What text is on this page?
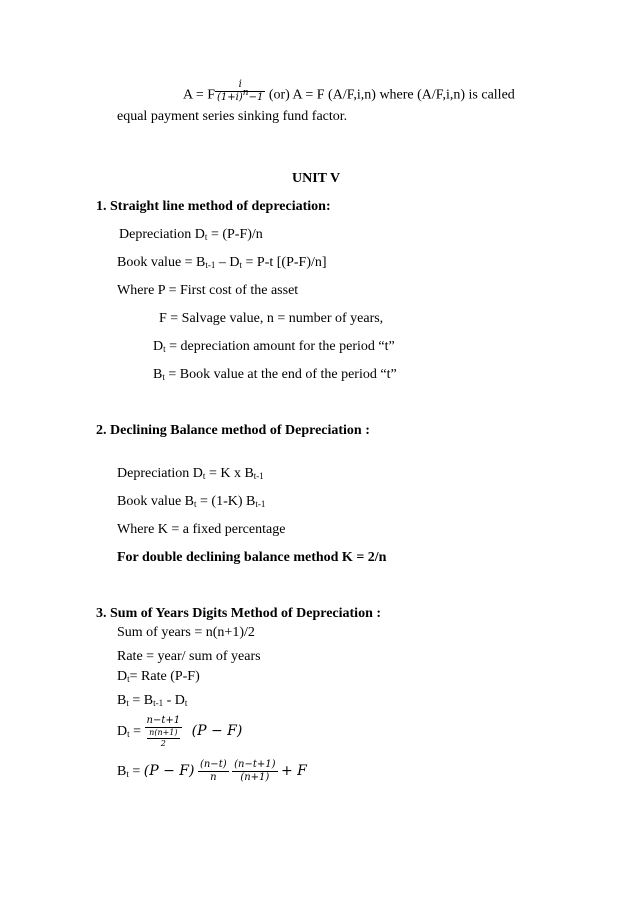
A = F $\frac{i}{(1+i)^n-1} (or) A = F$ (A/F,i,n) where (A/F,i,n) is called
equal payment series sinking fund factor.
UNIT V
1. Straight line method of depreciation:
Depreciation $D_t = (P-F)/n$
Book value = $B_{t-1} - D_t = P-t$ [(P-F)/n]
Where P = First cost of the asset
F = Salvage value, n = number of years,
$D_t$ = depreciation amount for the period “t”
$B_t$ = Book value at the end of the period “t”
2. Declining Balance method of Depreciation :
Depreciation $D_t = K$ x $B_{t-1}$
Book value $B_t = (1-K)$ $B_{t-1}$
Where K = a fixed percentage
For double declining balance method K = 2/n
3. Sum of Years Digits Method of Depreciation :
Sum of years = n(n+1)/2
Rate = year/ sum of years
$D_t=$ Rate (P-F)
$B_t = B_{t-1} - D_t$
$D_t = \frac{n-t+1}{\frac{n(n+1)}{2}} (P - F)$
$B_t = (P - F) \frac{(n-t)}{n}$
$\frac{(n-t+1)}{(n+1)} + F$
